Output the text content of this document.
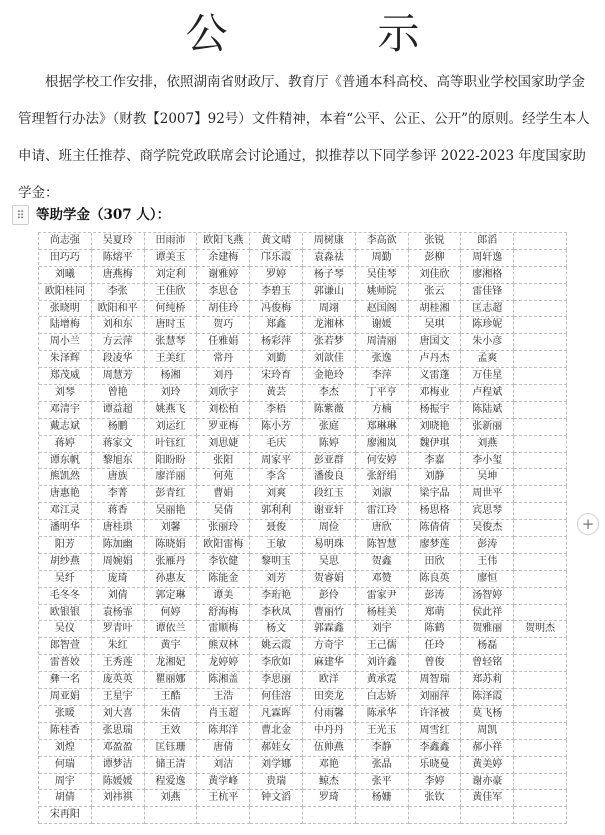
公	示

根据学校工作安排，依照湖南省财政厅、教育厅《普通本科高校、高等职业学校国家助学金管理暂行办法》（财教【2007】92号）文件精神，本着“公平、公正、公开”的原则。经学生本人申请、班主任推荐、商学院党政联席会讨论通过，拟推荐以下同学参评 2022-2023 年度国家助学金：

⠿ 等助学金（307 人）：
尚志强	吴夏玲	田雨沛	欧阳飞燕	黄文晴	周树康	李高欲	张锐	郎滔
田巧巧	陈熔平	谭美玉	余建梅	邝乐霞	袁淼祛	周勤	彭柳	周轩逸
刘曦	唐燕梅	刘定利	谢雅婷	罗婷	杨子琴	吴佳琴	刘佳欣	廖湘格
欧阳桂同	李张	王佳欣	李思仓	李碧玉	郭谦山	姚师院	张云	雷佳锋
张晓明	欧阳和平	何纯桥	胡佳玲	冯俊梅	周翊	赵国阁	胡桂湘	匡志超
陆增梅	刘和东	唐时玉	贺巧	郑鑫	龙湘林	谢媛	吴琪	陈珍妮
周小兰	方云萍	张慧琴	任雅娟	杨彩萍	张若梦	周清丽	唐国文	朱小彦
朱泽辉	段凌华	王美红	常丹	刘勤	刘歆佳	张逸	卢丹杰	孟爽
郑茂威	周慧芳	杨湘	刘丹	宋玲育	金艳玲	李萍	义雷蓬	万佳星
刘琴	曾艳	刘玲	刘欣宇	黄芸	李杰	丁平亨	邓梅业	卢程斌
邓清宇	谭益超	姚燕飞	刘松柏	李梧	陈紫薇	方楠	杨振宇	陈陆斌
戴志斌	杨鹏	刘运红	罗亚梅	陈小芳	张庭	郑琳琳	刘晓艳	张新丽
蒋婷	蒋家文	叶钰红	刘思婕	毛庆	陈婷	廖湘岚	魏伊琪	刘燕
谭东帆	黎旭东	阳盼盼	张阳	周家平	彭亚群	何安婷	李嘉	李小玺
熊凯然	唐族	廖洋丽	何苑	李含	潘俊良	张舒绢	刘静	吴坤
唐惠艳	李菁	彭青红	曹娟	刘爽	段红玉	刘淑	梁宇晶	周世平
邓江灵	蒋香	吴丽艳	吴倩	郭利利	谢亚轩	雷江玲	杨思格	宾思琴
潘明华	唐桂珙	刘馨	张丽玲	聂俊	周俭	唐欣	陈倩倩	吴俊杰
阳芳	陈加幽	陈晓娟	欧阳雷梅	王敏	易明珠	陈智慧	廖梦莲	彭涛
胡纱燕	周婉娟	张雁丹	李钦健	黎明玉	吴思	贺鑫	田欣	王伟
吴纤	庞琦	孙惠友	陈能金	刘芳	贺睿娟	邓赞	陈良英	廖恒
毛冬冬	刘倩	郭定琳	谭美	李珩艳	彭伶	雷家尹	彭涛	汤智婷
欧银银	袁杨霏	何婷	舒海梅	李秋凤	曹丽竹	杨桂美	郑萌	侯此祥
吴仪	罗青叶	谭依兰	雷顺梅	杨文	郭霖鑫	刘宇	陈鹤	贺雅丽	贺明杰
郎智萱	朱红	黄宇	熊双林	姚云霞	方奇宇	王己儒	任玲	杨磊
雷普姣	王秀莲	龙湘妃	龙婷婷	李欣如	麻建华	刘许鑫	曾俊	曾轻铭
彝一名	庞英英	瞿丽娜	陈湘盖	李思丽	欧洋	黄承霓	周智瑞	郑苏莉
周亚娟	王星宇	王酷	王浩	何佳溶	田奕龙	白志娇	刘丽萍	陈泽霞
张暖	刘大喜	朱倩	肖玉超	凡霖晖	付雨馨	陈承华	许泽被	莫飞杨
陈桂香	张思瑞	王效	陈邦洋	曹北金	中丹丹	王光玉	周雪红	周凯
刘煌	邓盈盈	匡钰珊	唐倩	郝娃女	伍帅燕	李静	李鑫鑫	郝小祥
何瑞	谭梦洁	储王清	刘洁	刘学娜	邓艳	张晶	乐晓曼	黄美婷
周宇	陈媛媛	程爱逸	黄学峰	贵瑞	鲸杰	张平	李婷	谢亦豪
胡倩	刘祎祺	刘燕	王杭平	钟文滔	罗琦	杨姗	张钦	黄佳军
宋再阳
+
